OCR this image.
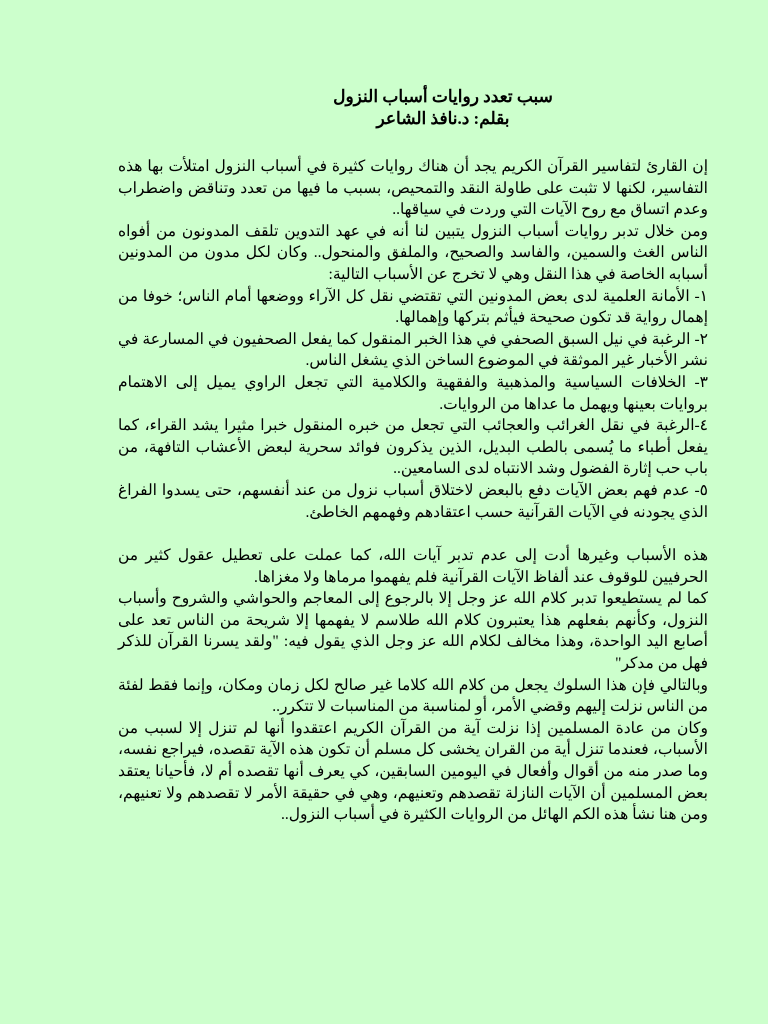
سبب تعدد روايات أسباب النزول

بقلم: د.نافذ الشاعر

إن القارئ لتفاسير القرآن الكريم يجد أن هناك روايات كثيرة في أسباب النزول امتلأت بها هذه التفاسير، لكنها لا تثبت على طاولة النقد والتمحيص، بسبب ما فيها من تعدد وتناقض واضطراب وعدم اتساق مع روح الآيات التي وردت في سياقها..

ومن خلال تدبر روايات أسباب النزول يتبين لنا أنه في عهد التدوين تلقف المدونون من أفواه الناس الغث والسمين، والفاسد والصحيح، والملفق والمنحول.. وكان لكل مدون من المدونين أسبابه الخاصة في هذا النقل وهي لا تخرج عن الأسباب التالية:

١- الأمانة العلمية لدى بعض المدونين التي تقتضي نقل كل الآراء ووضعها أمام الناس؛ خوفا من إهمال رواية قد تكون صحيحة فيأثم بتركها وإهمالها.

٢- الرغبة في نيل السبق الصحفي في هذا الخبر المنقول كما يفعل الصحفيون في المسارعة في نشر الأخبار غير الموثقة في الموضوع الساخن الذي يشغل الناس.

٣- الخلافات السياسية والمذهبية والفقهية والكلامية التي تجعل الراوي يميل إلى الاهتمام بروايات بعينها ويهمل ما عداها من الروايات.

٤-الرغبة في نقل الغرائب والعجائب التي تجعل من خبره المنقول خبرا مثيرا يشد القراء، كما يفعل أطباء ما يُسمى بالطب البديل، الذين يذكرون فوائد سحرية لبعض الأعشاب التافهة، من باب حب إثارة الفضول وشد الانتباه لدى السامعين..

٥- عدم فهم بعض الآيات دفع بالبعض لاختلاق أسباب نزول من عند أنفسهم، حتى يسدوا الفراغ الذي يجودنه في الآيات القرآنية حسب اعتقادهم وفهمهم الخاطئ.

هذه الأسباب وغيرها أدت إلى عدم تدبر آيات الله، كما عملت على تعطيل عقول كثير من الحرفيين للوقوف عند ألفاظ الآيات القرآنية فلم يفهموا مرماها ولا مغزاها.

كما لم يستطيعوا تدبر كلام الله عز وجل إلا بالرجوع إلى المعاجم والحواشي والشروح وأسباب النزول، وكأنهم بفعلهم هذا يعتبرون كلام الله طلاسم لا يفهمها إلا شريحة من الناس تعد على أصابع اليد الواحدة، وهذا مخالف لكلام الله عز وجل الذي يقول فيه: "ولقد يسرنا القرآن للذكر فهل من مدكر"

وبالتالي فإن هذا السلوك يجعل من كلام الله كلاما غير صالح لكل زمان ومكان، وإنما فقط لفئة من الناس نزلت إليهم وقضي الأمر، أو لمناسبة من المناسبات لا تتكرر..

وكان من عادة المسلمين إذا نزلت آية من القرآن الكريم اعتقدوا أنها لم تنزل إلا لسبب من الأسباب، فعندما تنزل أية من القران يخشى كل مسلم أن تكون هذه الآية تقصده، فيراجع نفسه، وما صدر منه من أقوال وأفعال في اليومين السابقين، كي يعرف أنها تقصده أم لا، فأحيانا يعتقد بعض المسلمين أن الآيات النازلة تقصدهم وتعنيهم، وهي في حقيقة الأمر لا تقصدهم ولا تعنيهم، ومن هنا نشأ هذه الكم الهائل من الروايات الكثيرة في أسباب النزول..
